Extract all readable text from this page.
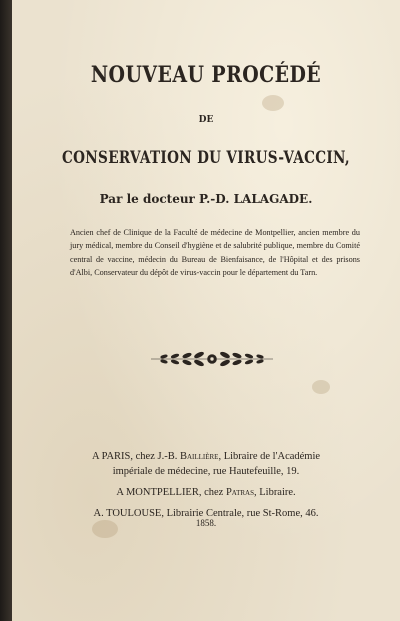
NOUVEAU PROCÉDÉ
DE
CONSERVATION DU VIRUS-VACCIN,
Par le docteur P.-D. LALAGADE.
Ancien chef de Clinique de la Faculté de médecine de Montpellier, ancien membre du jury médical, membre du Conseil d'hygiène et de salubrité publique, membre du Comité central de vaccine, médecin du Bureau de Bienfaisance, de l'Hôpital et des prisons d'Albi, Conservateur du dépôt de virus-vaccin pour le département du Tarn.
A PARIS, chez J.-B. Baillière, Libraire de l'Académie
impériale de médecine, rue Hautefeuille, 19.
A MONTPELLIER, chez Patras, Libraire.
A. TOULOUSE, Librairie Centrale, rue St-Rome, 46.
1858.
